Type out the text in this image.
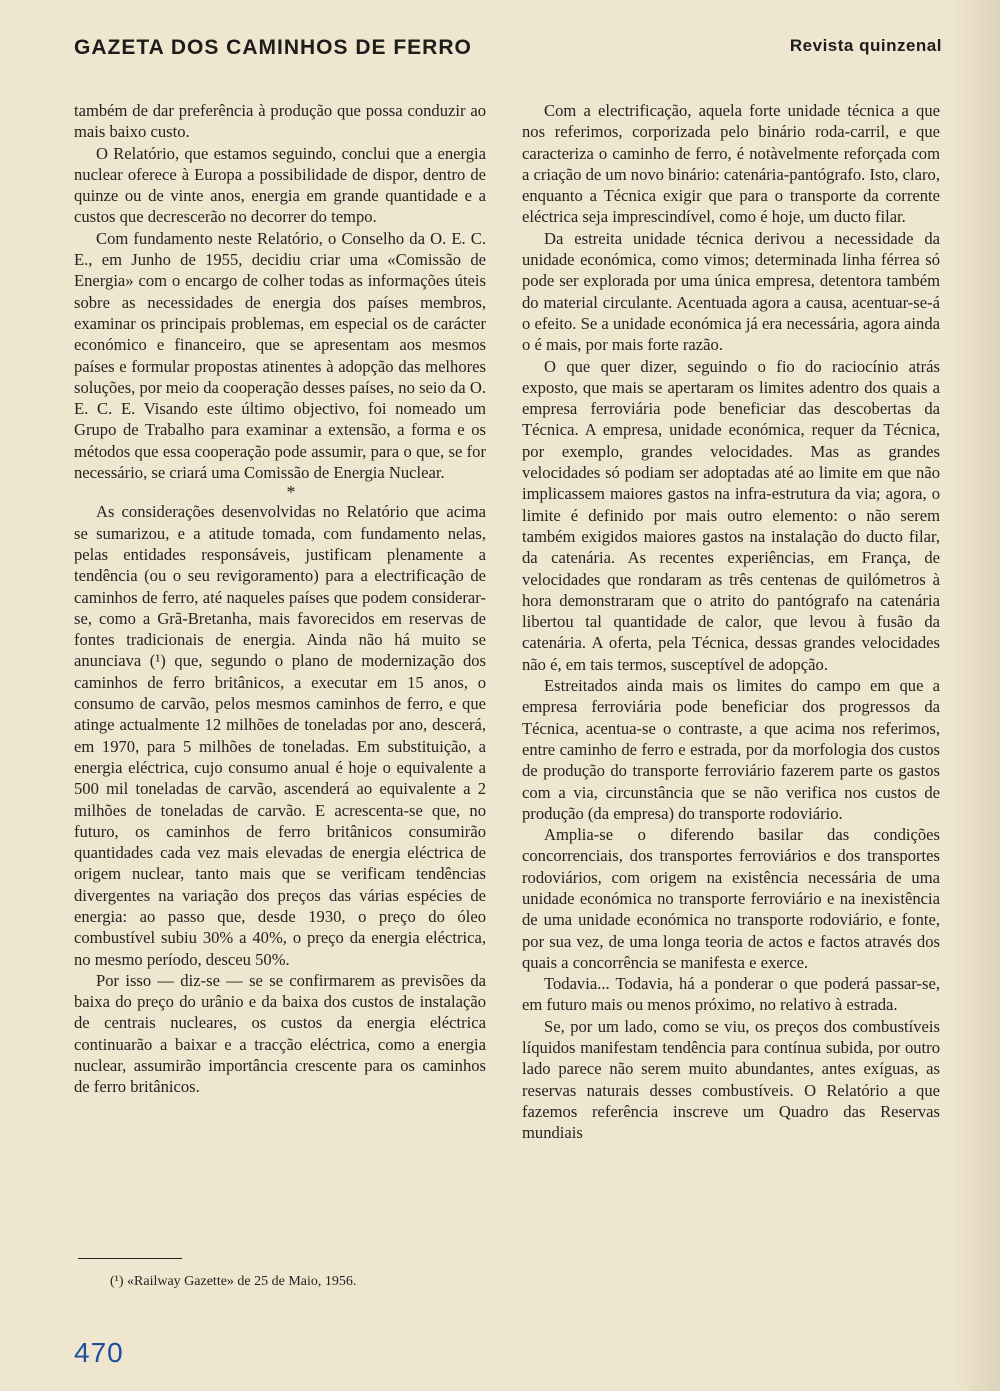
GAZETA DOS CAMINHOS DE FERRO	Revista quinzenal

também de dar preferência à produção que possa conduzir ao mais baixo custo.

O Relatório, que estamos seguindo, conclui que a energia nuclear oferece à Europa a possibilidade de dispor, dentro de quinze ou de vinte anos, energia em grande quantidade e a custos que decrescerão no decorrer do tempo.

Com fundamento neste Relatório, o Conselho da O. E. C. E., em Junho de 1955, decidiu criar uma «Comissão de Energia» com o encargo de colher todas as informações úteis sobre as necessidades de energia dos países membros, examinar os principais problemas, em especial os de carácter económico e financeiro, que se apresentam aos mesmos países e formular propostas atinentes à adopção das melhores soluções, por meio da cooperação desses países, no seio da O. E. C. E. Visando este último objectivo, foi nomeado um Grupo de Trabalho para examinar a extensão, a forma e os métodos que essa cooperação pode assumir, para o que, se for necessário, se criará uma Comissão de Energia Nuclear.

*

As considerações desenvolvidas no Relatório que acima se sumarizou, e a atitude tomada, com fundamento nelas, pelas entidades responsáveis, justificam plenamente a tendência (ou o seu revigoramento) para a electrificação de caminhos de ferro, até naqueles países que podem considerar-se, como a Grã-Bretanha, mais favorecidos em reservas de fontes tradicionais de energia. Ainda não há muito se anunciava (¹) que, segundo o plano de modernização dos caminhos de ferro britânicos, a executar em 15 anos, o consumo de carvão, pelos mesmos caminhos de ferro, e que atinge actualmente 12 milhões de toneladas por ano, descerá, em 1970, para 5 milhões de toneladas. Em substituição, a energia eléctrica, cujo consumo anual é hoje o equivalente a 500 mil toneladas de carvão, ascenderá ao equivalente a 2 milhões de toneladas de carvão. E acrescenta-se que, no futuro, os caminhos de ferro britânicos consumirão quantidades cada vez mais elevadas de energia eléctrica de origem nuclear, tanto mais que se verificam tendências divergentes na variação dos preços das várias espécies de energia: ao passo que, desde 1930, o preço do óleo combustível subiu 30% a 40%, o preço da energia eléctrica, no mesmo período, desceu 50%.

Por isso — diz-se — se se confirmarem as previsões da baixa do preço do urânio e da baixa dos custos de instalação de centrais nucleares, os custos da energia eléctrica continuarão a baixar e a tracção eléctrica, como a energia nuclear, assumirão importância crescente para os caminhos de ferro britânicos.

(¹) «Railway Gazette» de 25 de Maio, 1956.

Com a electrificação, aquela forte unidade técnica a que nos referimos, corporizada pelo binário roda-carril, e que caracteriza o caminho de ferro, é notàvelmente reforçada com a criação de um novo binário: catenária-pantógrafo. Isto, claro, enquanto a Técnica exigir que para o transporte da corrente eléctrica seja imprescindível, como é hoje, um ducto filar.

Da estreita unidade técnica derivou a necessidade da unidade económica, como vimos; determinada linha férrea só pode ser explorada por uma única empresa, detentora também do material circulante. Acentuada agora a causa, acentuar-se-á o efeito. Se a unidade económica já era necessária, agora ainda o é mais, por mais forte razão.

O que quer dizer, seguindo o fio do raciocínio atrás exposto, que mais se apertaram os limites adentro dos quais a empresa ferroviária pode beneficiar das descobertas da Técnica. A empresa, unidade económica, requer da Técnica, por exemplo, grandes velocidades. Mas as grandes velocidades só podiam ser adoptadas até ao limite em que não implicassem maiores gastos na infra-estrutura da via; agora, o limite é definido por mais outro elemento: o não serem também exigidos maiores gastos na instalação do ducto filar, da catenária. As recentes experiências, em França, de velocidades que rondaram as três centenas de quilómetros à hora demonstraram que o atrito do pantógrafo na catenária libertou tal quantidade de calor, que levou à fusão da catenária. A oferta, pela Técnica, dessas grandes velocidades não é, em tais termos, susceptível de adopção.

Estreitados ainda mais os limites do campo em que a empresa ferroviária pode beneficiar dos progressos da Técnica, acentua-se o contraste, a que acima nos referimos, entre caminho de ferro e estrada, por da morfologia dos custos de produção do transporte ferroviário fazerem parte os gastos com a via, circunstância que se não verifica nos custos de produção (da empresa) do transporte rodoviário.

Amplia-se o diferendo basilar das condições concorrenciais, dos transportes ferroviários e dos transportes rodoviários, com origem na existência necessária de uma unidade económica no transporte ferroviário e na inexistência de uma unidade económica no transporte rodoviário, e fonte, por sua vez, de uma longa teoria de actos e factos através dos quais a concorrência se manifesta e exerce.

Todavia... Todavia, há a ponderar o que poderá passar-se, em futuro mais ou menos próximo, no relativo à estrada.

Se, por um lado, como se viu, os preços dos combustíveis líquidos manifestam tendência para contínua subida, por outro lado parece não serem muito abundantes, antes exíguas, as reservas naturais desses combustíveis. O Relatório a que fazemos referência inscreve um Quadro das Reservas mundiais

470
